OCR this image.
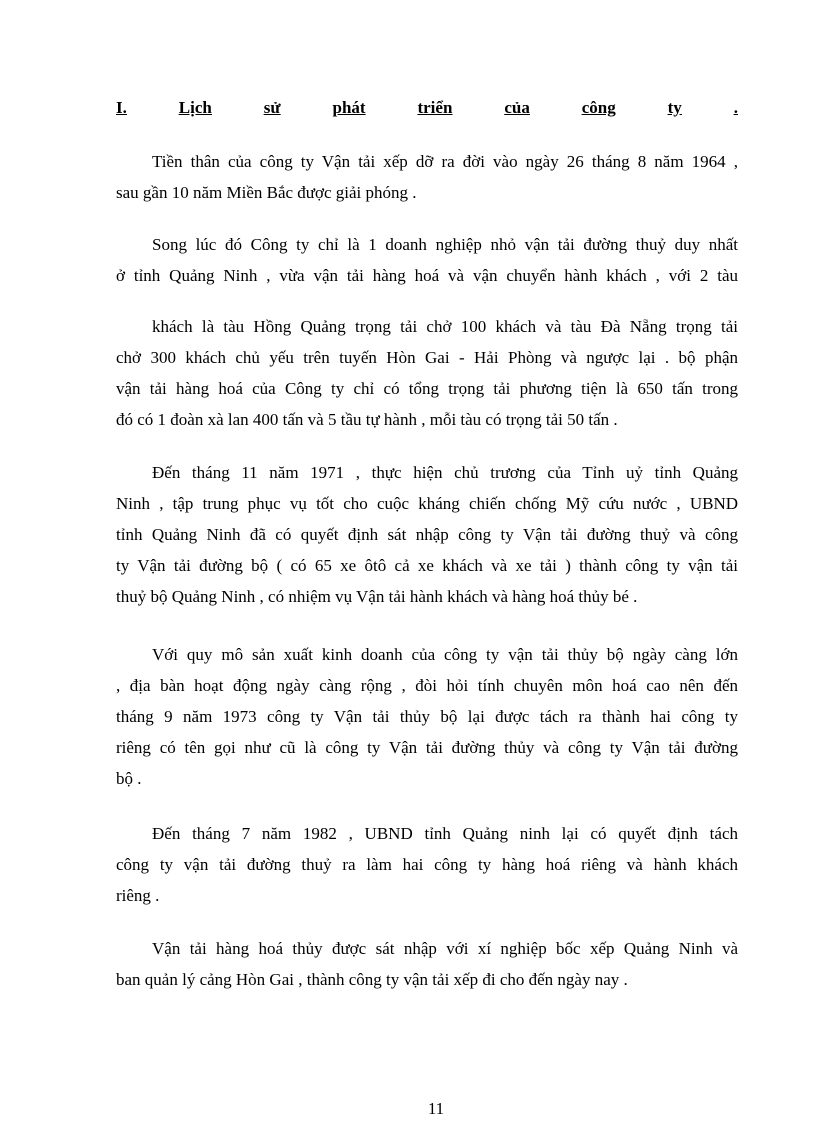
I.	Lịch	sử	phát	triển	của	công	ty	.
Tiền thân của công ty Vận tải xếp dỡ ra đời vào ngày 26 tháng 8 năm 1964 ,
sau gần 10 năm Miền Bắc được giải phóng .
Song lúc đó Công ty chỉ là 1 doanh nghiệp nhỏ vận tải đường thuỷ duy nhất
ở tỉnh Quảng Ninh , vừa vận tải hàng hoá và vận chuyển hành khách , với 2 tàu
khách là tàu Hồng Quảng trọng tải chở 100 khách và tàu Đà Nẵng trọng tải
chở 300 khách chủ yếu trên tuyến Hòn Gai - Hải Phòng và ngược lại . bộ phận
vận tải hàng hoá của Công ty chỉ có tổng trọng tải phương tiện là 650 tấn trong
đó có 1 đoàn xà lan 400 tấn và 5 tầu tự hành , mỗi tàu có trọng tải 50 tấn .
Đến tháng 11 năm 1971 , thực hiện chủ trương của Tỉnh uỷ tỉnh Quảng
Ninh , tập trung phục vụ tốt cho cuộc kháng chiến chống Mỹ cứu nước , UBND
tỉnh Quảng Ninh đã có quyết định sát nhập công ty Vận tải đường thuỷ và công
ty Vận tải đường bộ ( có 65 xe ôtô cả xe khách và xe tải ) thành công ty vận tải
thuỷ bộ Quảng Ninh , có nhiệm vụ Vận tải hành khách và hàng hoá thủy bé .
Với quy mô sản xuất kinh doanh của công ty vận tải thủy bộ ngày càng lớn
, địa bàn hoạt động ngày càng rộng , đòi hỏi tính chuyên môn hoá cao nên đến
tháng 9 năm 1973 công ty Vận tải thủy bộ lại được tách ra thành hai công ty
riêng có tên gọi như cũ là công ty Vận tải đường thủy và công ty Vận tải đường
bộ .
Đến tháng 7 năm 1982 , UBND tỉnh Quảng ninh lại có quyết định tách
công ty vận tải đường thuỷ ra làm hai công ty hàng hoá riêng và hành khách
riêng .
Vận tải hàng hoá thủy được sát nhập với xí nghiệp bốc xếp Quảng Ninh và
ban quản lý cảng Hòn Gai , thành công ty vận tải xếp đi cho đến ngày nay .
11
